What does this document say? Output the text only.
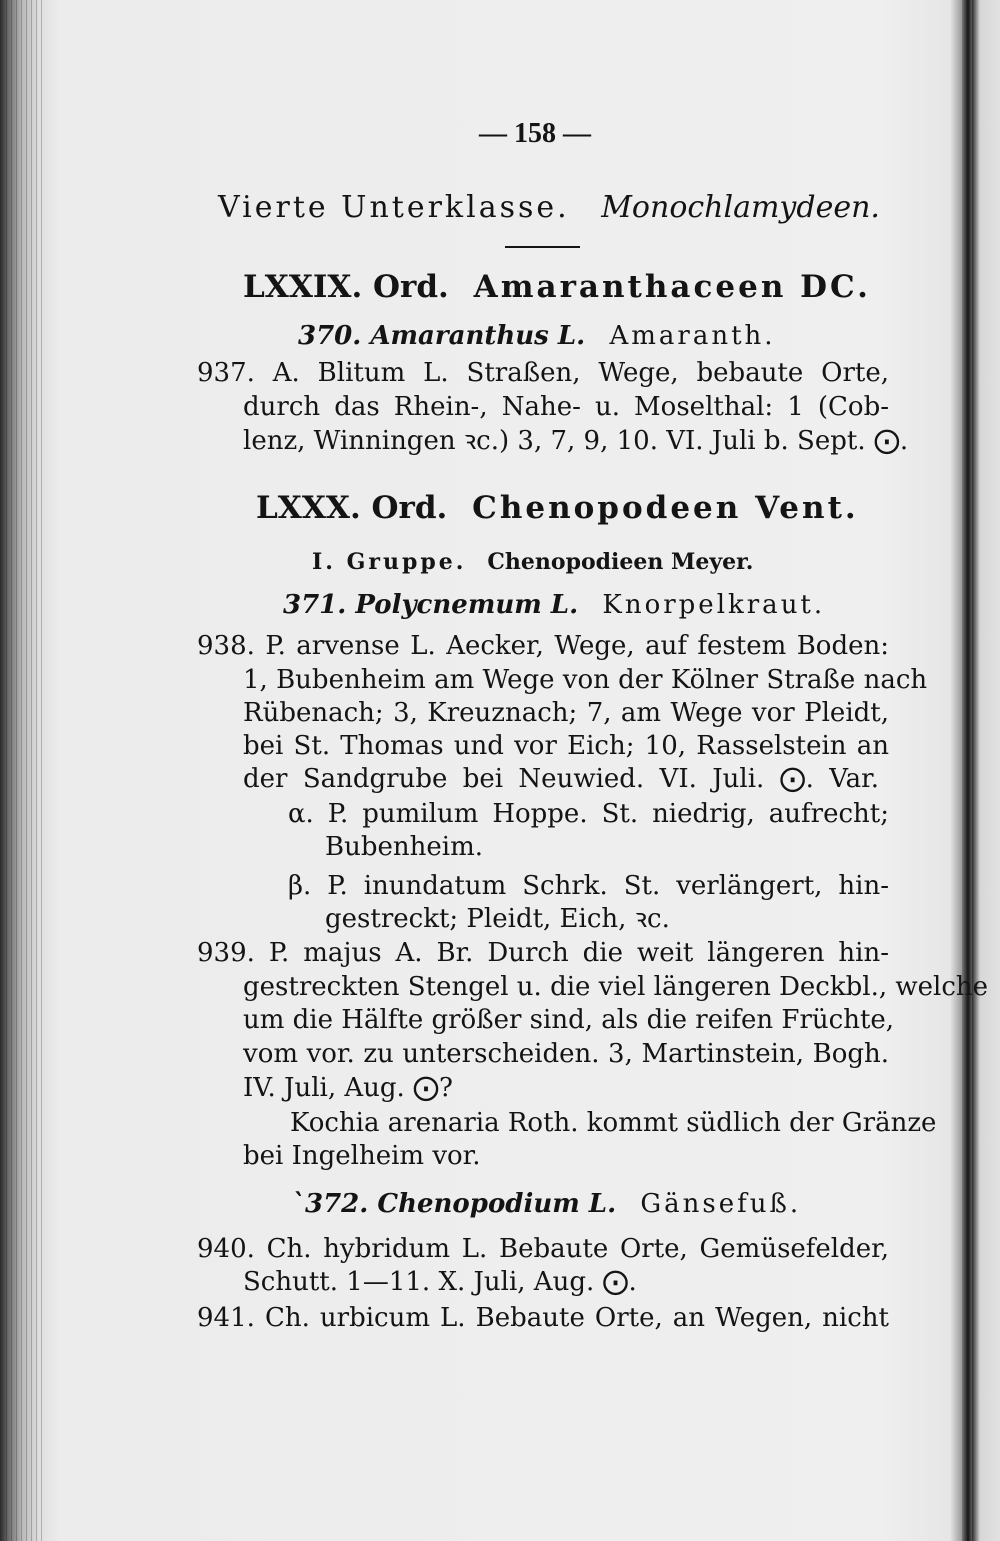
— 158 —
Vierte Unterklasse. Monochlamydeen.
LXXIX. Ord. Amaranthaceen DC.
370. Amaranthus L. Amaranth.
937. A. Blitum L. Straßen, Wege, bebaute Orte,
durch das Rhein-, Nahe- u. Moselthal: 1 (Cob-
lenz, Winningen ꝛc.) 3, 7, 9, 10. VI. Juli b. Sept. ⨀.
LXXX. Ord. Chenopodeen Vent.
I. Gruppe. Chenopodieen Meyer.
371. Polycnemum L. Knorpelkraut.
938. P. arvense L. Aecker, Wege, auf festem Boden:
1, Bubenheim am Wege von der Kölner Straße nach
Rübenach; 3, Kreuznach; 7, am Wege vor Pleidt,
bei St. Thomas und vor Eich; 10, Rasselstein an
der Sandgrube bei Neuwied. VI. Juli. ⨀. Var.
α. P. pumilum Hoppe. St. niedrig, aufrecht;
Bubenheim.
β. P. inundatum Schrk. St. verlängert, hin-
gestreckt; Pleidt, Eich, ꝛc.
939. P. majus A. Br. Durch die weit längeren hin-
gestreckten Stengel u. die viel längeren Deckbl., welche
um die Hälfte größer sind, als die reifen Früchte,
vom vor. zu unterscheiden. 3, Martinstein, Bogh.
IV. Juli, Aug. ⨀?
Kochia arenaria Roth. kommt südlich der Gränze
bei Ingelheim vor.
`372. Chenopodium L. Gänsefuß.
940. Ch. hybridum L. Bebaute Orte, Gemüsefelder,
Schutt. 1—11. X. Juli, Aug. ⨀.
941. Ch. urbicum L. Bebaute Orte, an Wegen, nicht
